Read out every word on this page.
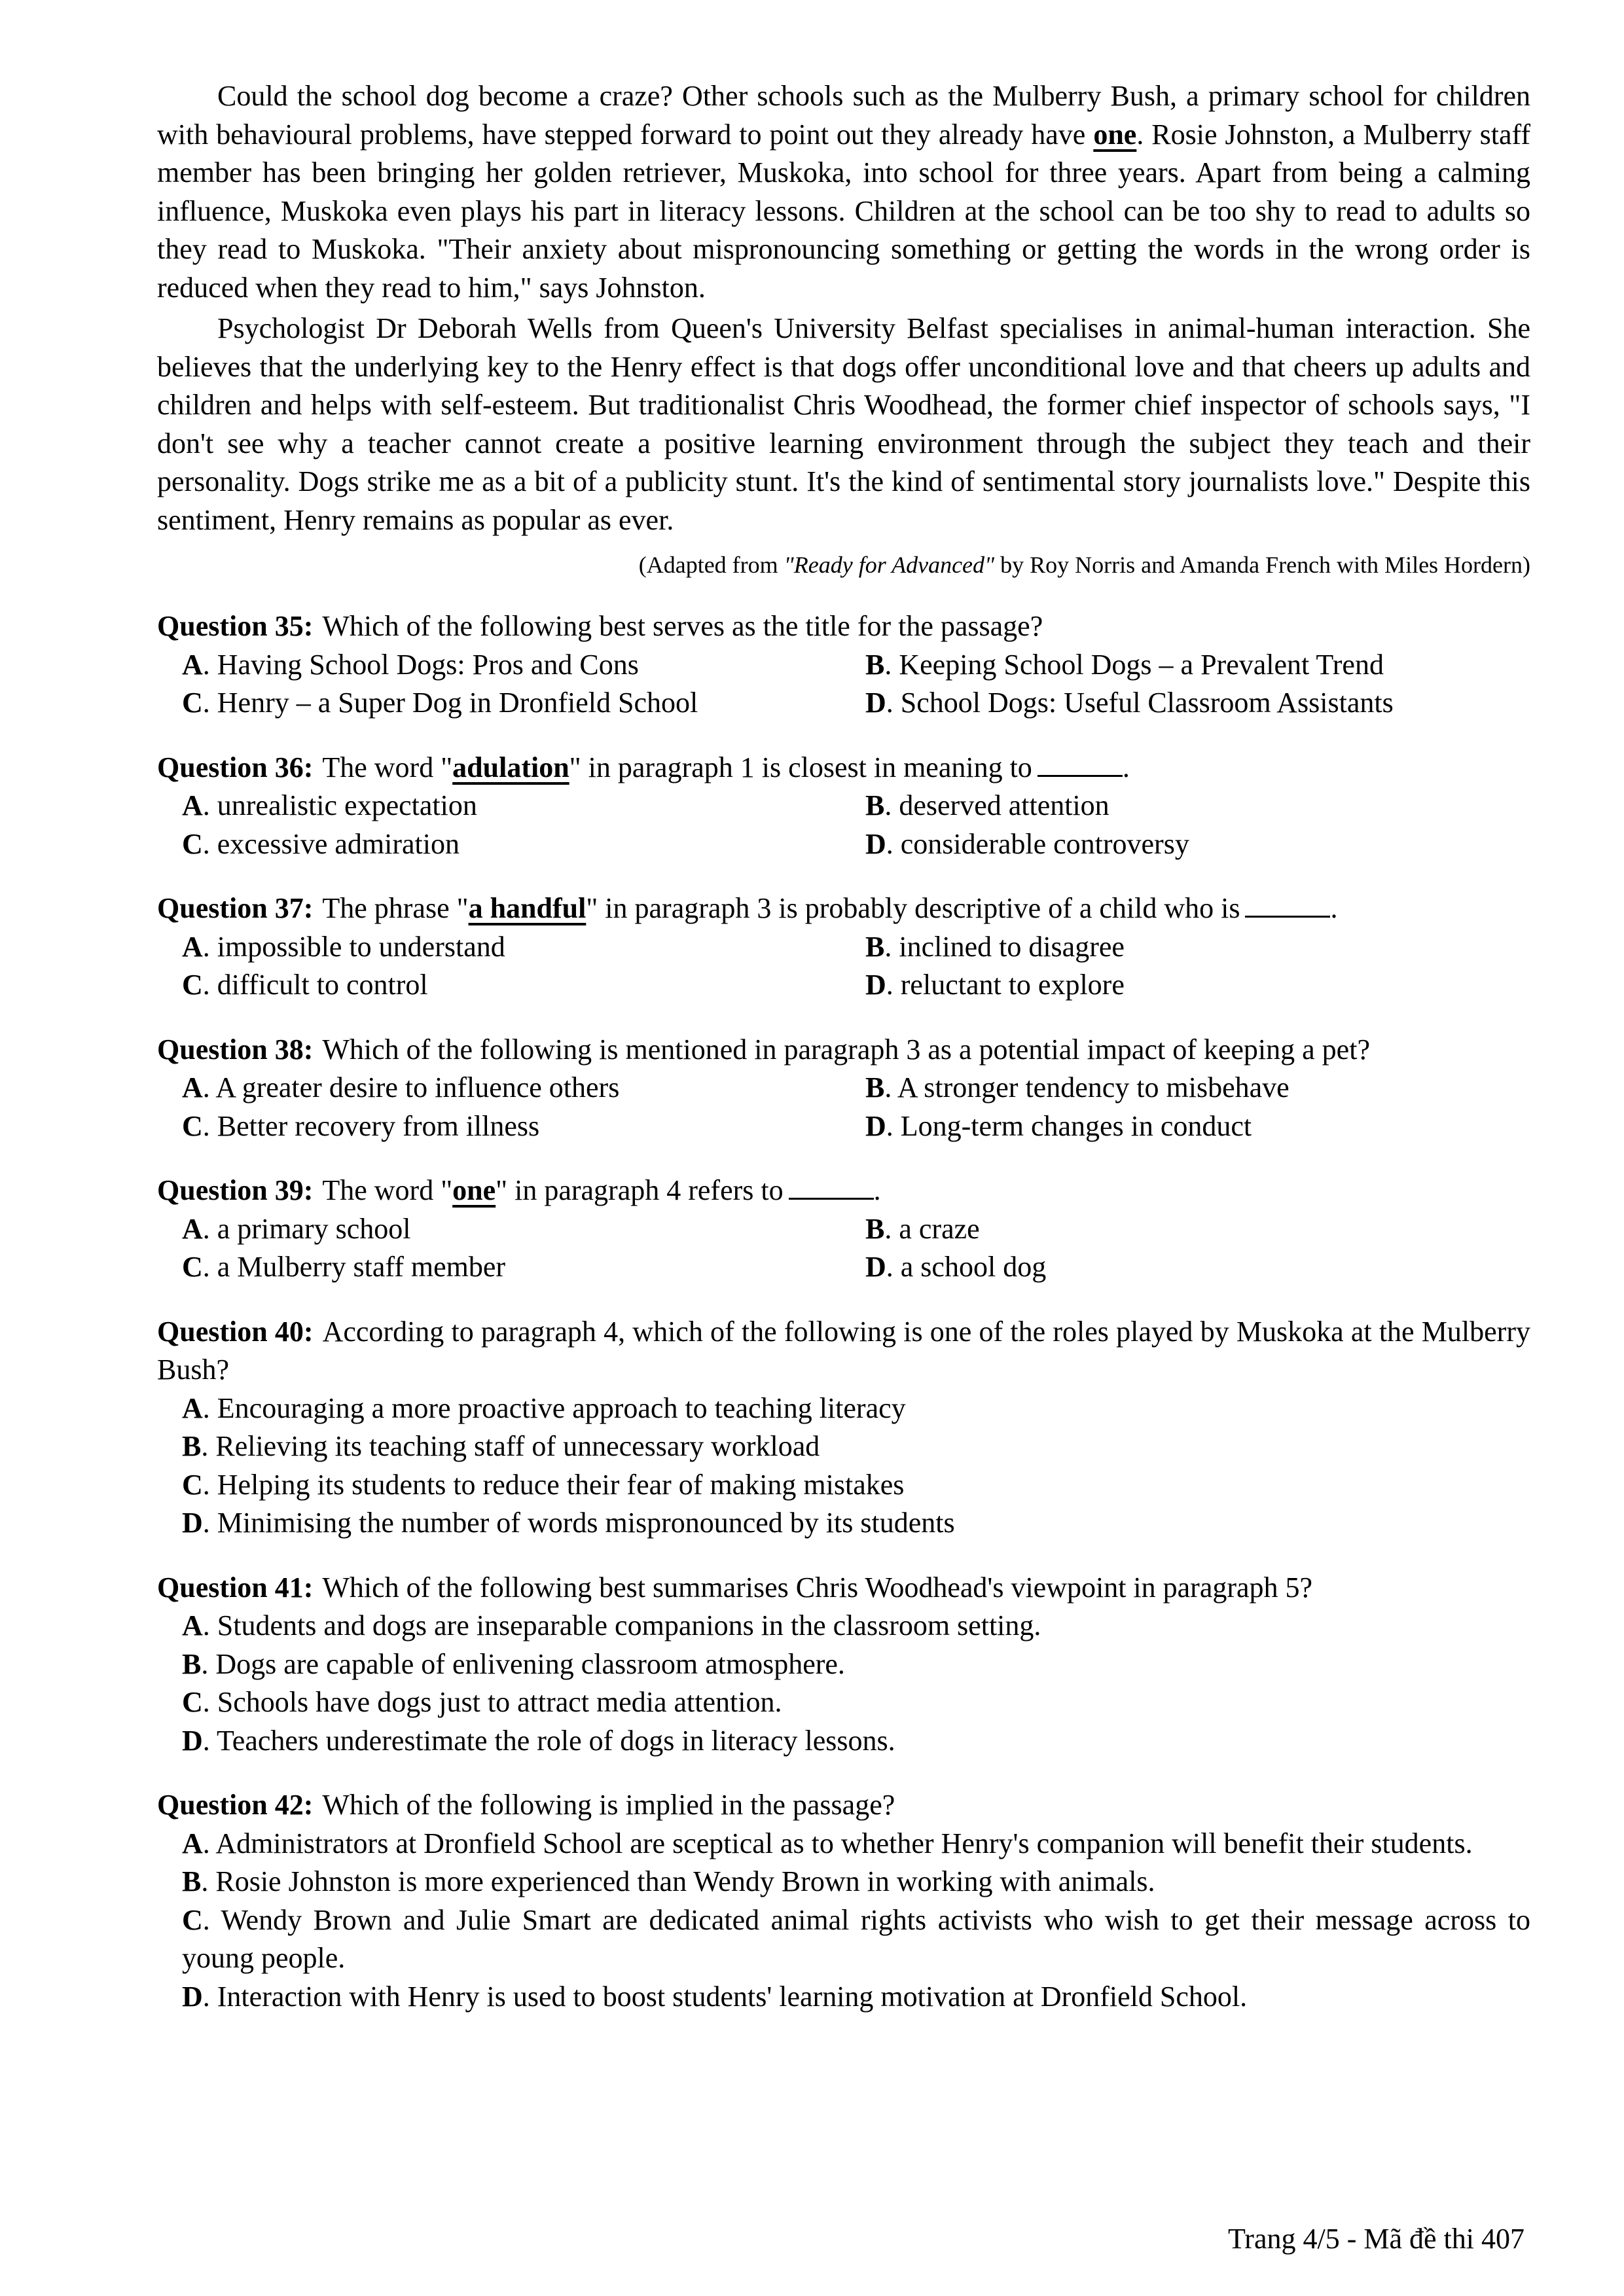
Could the school dog become a craze? Other schools such as the Mulberry Bush, a primary school for children with behavioural problems, have stepped forward to point out they already have one. Rosie Johnston, a Mulberry staff member has been bringing her golden retriever, Muskoka, into school for three years. Apart from being a calming influence, Muskoka even plays his part in literacy lessons. Children at the school can be too shy to read to adults so they read to Muskoka. "Their anxiety about mispronouncing something or getting the words in the wrong order is reduced when they read to him," says Johnston.

Psychologist Dr Deborah Wells from Queen's University Belfast specialises in animal-human interaction. She believes that the underlying key to the Henry effect is that dogs offer unconditional love and that cheers up adults and children and helps with self-esteem. But traditionalist Chris Woodhead, the former chief inspector of schools says, "I don't see why a teacher cannot create a positive learning environment through the subject they teach and their personality. Dogs strike me as a bit of a publicity stunt. It's the kind of sentimental story journalists love." Despite this sentiment, Henry remains as popular as ever.

(Adapted from "Ready for Advanced" by Roy Norris and Amanda French with Miles Hordern)

Question 35: Which of the following best serves as the title for the passage?

A. Having School Dogs: Pros and Cons	B. Keeping School Dogs – a Prevalent Trend

C. Henry – a Super Dog in Dronfield School	D. School Dogs: Useful Classroom Assistants

Question 36: The word "adulation" in paragraph 1 is closest in meaning to	.

A. unrealistic expectation	B. deserved attention

C. excessive admiration	D. considerable controversy

Question 37: The phrase "a handful" in paragraph 3 is probably descriptive of a child who is	.

A. impossible to understand	B. inclined to disagree

C. difficult to control	D. reluctant to explore

Question 38: Which of the following is mentioned in paragraph 3 as a potential impact of keeping a pet?

A. A greater desire to influence others	B. A stronger tendency to misbehave

C. Better recovery from illness	D. Long-term changes in conduct

Question 39: The word "one" in paragraph 4 refers to	.

A. a primary school	B. a craze

C. a Mulberry staff member	D. a school dog

Question 40: According to paragraph 4, which of the following is one of the roles played by Muskoka at the Mulberry Bush?

A. Encouraging a more proactive approach to teaching literacy

B. Relieving its teaching staff of unnecessary workload

C. Helping its students to reduce their fear of making mistakes

D. Minimising the number of words mispronounced by its students

Question 41: Which of the following best summarises Chris Woodhead's viewpoint in paragraph 5?

A. Students and dogs are inseparable companions in the classroom setting.

B. Dogs are capable of enlivening classroom atmosphere.

C. Schools have dogs just to attract media attention.

D. Teachers underestimate the role of dogs in literacy lessons.

Question 42: Which of the following is implied in the passage?

A. Administrators at Dronfield School are sceptical as to whether Henry's companion will benefit their students.

B. Rosie Johnston is more experienced than Wendy Brown in working with animals.

C. Wendy Brown and Julie Smart are dedicated animal rights activists who wish to get their message across to young people.

D. Interaction with Henry is used to boost students' learning motivation at Dronfield School.

Trang 4/5 - Mã đề thi 407
